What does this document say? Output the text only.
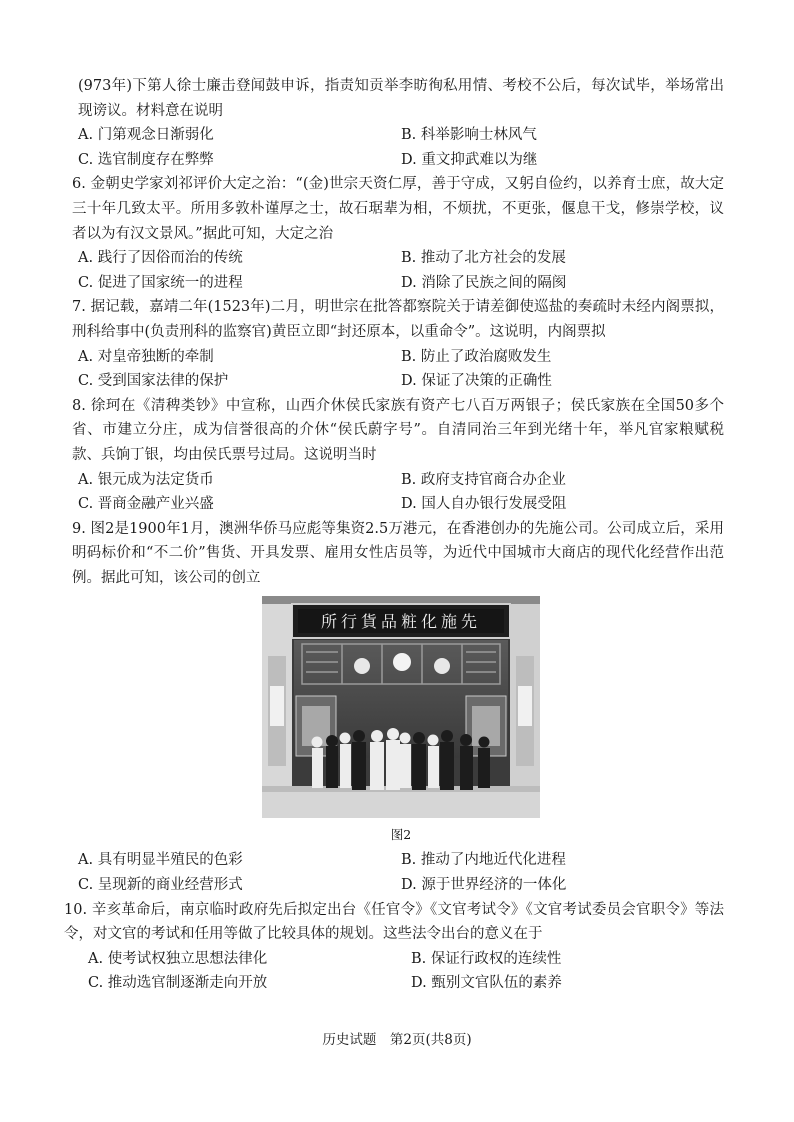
(973年)下第人徐士廉击登闻鼓申诉，指责知贡举李昉徇私用情、考校不公后，每次试毕，举场常出现谤议。材料意在说明

A. 门第观念日渐弱化	B. 科举影响士林风气
C. 选官制度存在弊弊	D. 重文抑武难以为继

6. 金朝史学家刘祁评价大定之治：“(金)世宗天资仁厚，善于守成，又躬自俭约，以养育士庶，故大定三十年几致太平。所用多敦朴谨厚之士，故石琚辈为相，不烦扰，不更张，偃息干戈，修崇学校，议者以为有汉文景风。”据此可知，大定之治

A. 践行了因俗而治的传统	B. 推动了北方社会的发展
C. 促进了国家统一的进程	D. 消除了民族之间的隔阂

7. 据记载，嘉靖二年(1523年)二月，明世宗在批答都察院关于请差御使巡盐的奏疏时未经内阁票拟，刑科给事中(负责刑科的监察官)黄臣立即“封还原本，以重命令”。这说明，内阁票拟

A. 对皇帝独断的牵制	B. 防止了政治腐败发生
C. 受到国家法律的保护	D. 保证了决策的正确性

8. 徐珂在《清稗类钞》中宣称，山西介休侯氏家族有资产七八百万两银子；侯氏家族在全国50多个省、市建立分庄，成为信誉很高的介休“侯氏蔚字号”。自清同治三年到光绪十年，举凡官家粮赋税款、兵饷丁银，均由侯氏票号过局。这说明当时

A. 银元成为法定货币	B. 政府支持官商合办企业
C. 晋商金融产业兴盛	D. 国人自办银行发展受阻

9. 图2是1900年1月，澳洲华侨马应彪等集资2.5万港元，在香港创办的先施公司。公司成立后，采用明码标价和“不二价”售货、开具发票、雇用女性店员等，为近代中国城市大商店的现代化经营作出范例。据此可知，该公司的创立

所行貨品粧化施先
图2
A. 具有明显半殖民的色彩	B. 推动了内地近代化进程
C. 呈现新的商业经营形式	D. 源于世界经济的一体化

10. 辛亥革命后，南京临时政府先后拟定出台《任官令》《文官考试令》《文官考试委员会官职令》等法令，对文官的考试和任用等做了比较具体的规划。这些法令出台的意义在于

A. 使考试权独立思想法律化	B. 保证行政权的连续性
C. 推动选官制逐渐走向开放	D. 甄别文官队伍的素养
历史试题　第2页(共8页)
